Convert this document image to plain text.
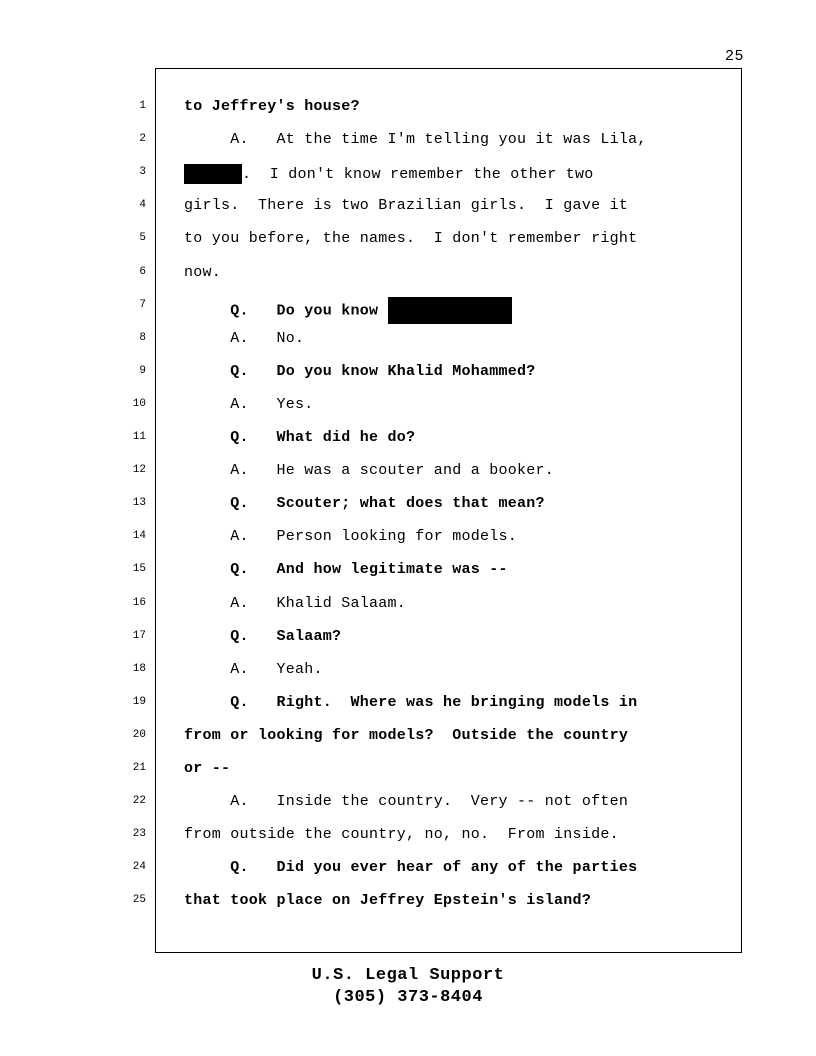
25
1	to Jeffrey's house?
2	A.   At the time I'm telling you it was Lila,
3	.  I don't know remember the other two
4	girls.  There is two Brazilian girls.  I gave it
5	to you before, the names.  I don't remember right
6	now.
7	Q.   Do you know
8	A.   No.
9	Q.   Do you know Khalid Mohammed?
10	A.   Yes.
11	Q.   What did he do?
12	A.   He was a scouter and a booker.
13	Q.   Scouter; what does that mean?
14	A.   Person looking for models.
15	Q.   And how legitimate was --
16	A.   Khalid Salaam.
17	Q.   Salaam?
18	A.   Yeah.
19	Q.   Right.  Where was he bringing models in
20	from or looking for models?  Outside the country
21	or --
22	A.   Inside the country.  Very -- not often
23	from outside the country, no, no.  From inside.
24	Q.   Did you ever hear of any of the parties
25	that took place on Jeffrey Epstein's island?
U.S. Legal Support
(305) 373-8404
